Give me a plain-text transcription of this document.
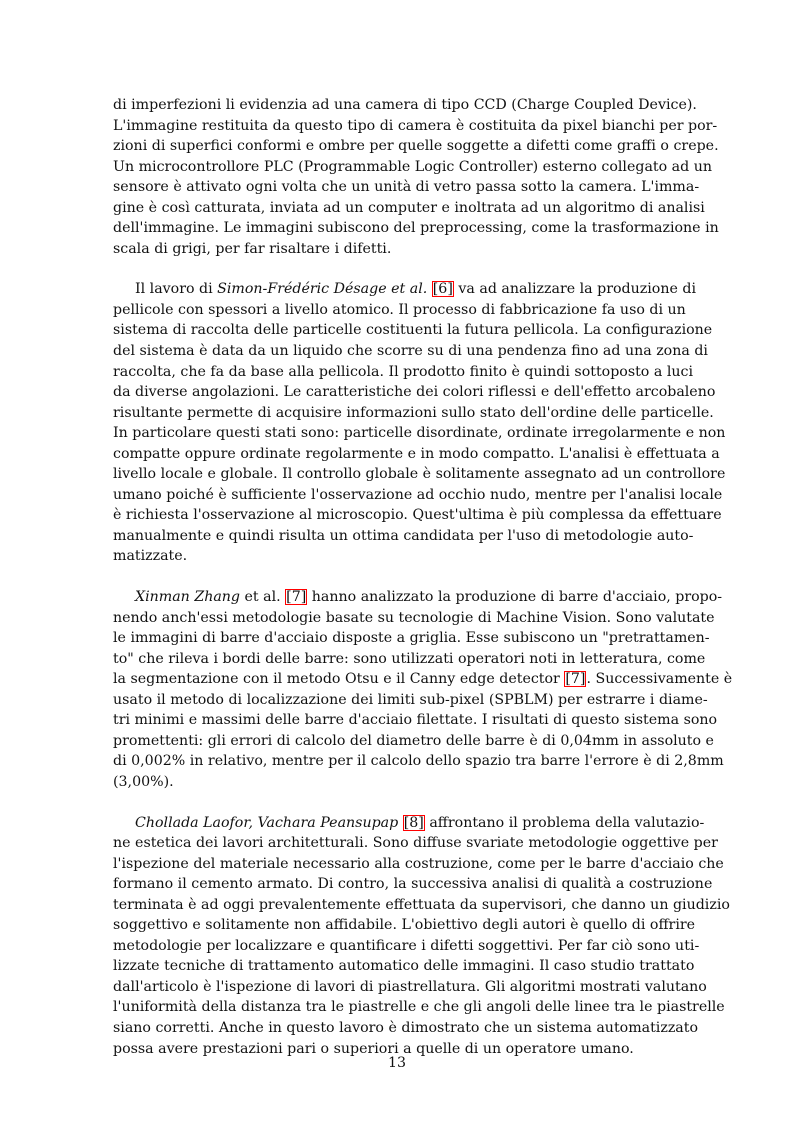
di imperfezioni li evidenzia ad una camera di tipo CCD (Charge Coupled Device).
L'immagine restituita da questo tipo di camera è costituita da pixel bianchi per por-
zioni di superfici conformi e ombre per quelle soggette a difetti come graffi o crepe.
Un microcontrollore PLC (Programmable Logic Controller) esterno collegato ad un
sensore è attivato ogni volta che un unità di vetro passa sotto la camera. L'imma-
gine è così catturata, inviata ad un computer e inoltrata ad un algoritmo di analisi
dell'immagine. Le immagini subiscono del preprocessing, come la trasformazione in
scala di grigi, per far risaltare i difetti.
Il lavoro di Simon-Frédéric Désage et al. [6] va ad analizzare la produzione di
pellicole con spessori a livello atomico. Il processo di fabbricazione fa uso di un
sistema di raccolta delle particelle costituenti la futura pellicola. La configurazione
del sistema è data da un liquido che scorre su di una pendenza fino ad una zona di
raccolta, che fa da base alla pellicola. Il prodotto finito è quindi sottoposto a luci
da diverse angolazioni. Le caratteristiche dei colori riflessi e dell'effetto arcobaleno
risultante permette di acquisire informazioni sullo stato dell'ordine delle particelle.
In particolare questi stati sono: particelle disordinate, ordinate irregolarmente e non
compatte oppure ordinate regolarmente e in modo compatto. L'analisi è effettuata a
livello locale e globale. Il controllo globale è solitamente assegnato ad un controllore
umano poiché è sufficiente l'osservazione ad occhio nudo, mentre per l'analisi locale
è richiesta l'osservazione al microscopio. Quest'ultima è più complessa da effettuare
manualmente e quindi risulta un ottima candidata per l'uso di metodologie auto-
matizzate.
Xinman Zhang et al. [7] hanno analizzato la produzione di barre d'acciaio, propo-
nendo anch'essi metodologie basate su tecnologie di Machine Vision. Sono valutate
le immagini di barre d'acciaio disposte a griglia. Esse subiscono un "pretrattamen-
to" che rileva i bordi delle barre: sono utilizzati operatori noti in letteratura, come
la segmentazione con il metodo Otsu e il Canny edge detector [7]. Successivamente è
usato il metodo di localizzazione dei limiti sub-pixel (SPBLM) per estrarre i diame-
tri minimi e massimi delle barre d'acciaio filettate. I risultati di questo sistema sono
promettenti: gli errori di calcolo del diametro delle barre è di 0,04mm in assoluto e
di 0,002% in relativo, mentre per il calcolo dello spazio tra barre l'errore è di 2,8mm
(3,00%).
Chollada Laofor, Vachara Peansupap [8] affrontano il problema della valutazio-
ne estetica dei lavori architetturali. Sono diffuse svariate metodologie oggettive per
l'ispezione del materiale necessario alla costruzione, come per le barre d'acciaio che
formano il cemento armato. Di contro, la successiva analisi di qualità a costruzione
terminata è ad oggi prevalentemente effettuata da supervisori, che danno un giudizio
soggettivo e solitamente non affidabile. L'obiettivo degli autori è quello di offrire
metodologie per localizzare e quantificare i difetti soggettivi. Per far ciò sono uti-
lizzate tecniche di trattamento automatico delle immagini. Il caso studio trattato
dall'articolo è l'ispezione di lavori di piastrellatura. Gli algoritmi mostrati valutano
l'uniformità della distanza tra le piastrelle e che gli angoli delle linee tra le piastrelle
siano corretti. Anche in questo lavoro è dimostrato che un sistema automatizzato
possa avere prestazioni pari o superiori a quelle di un operatore umano.
13
